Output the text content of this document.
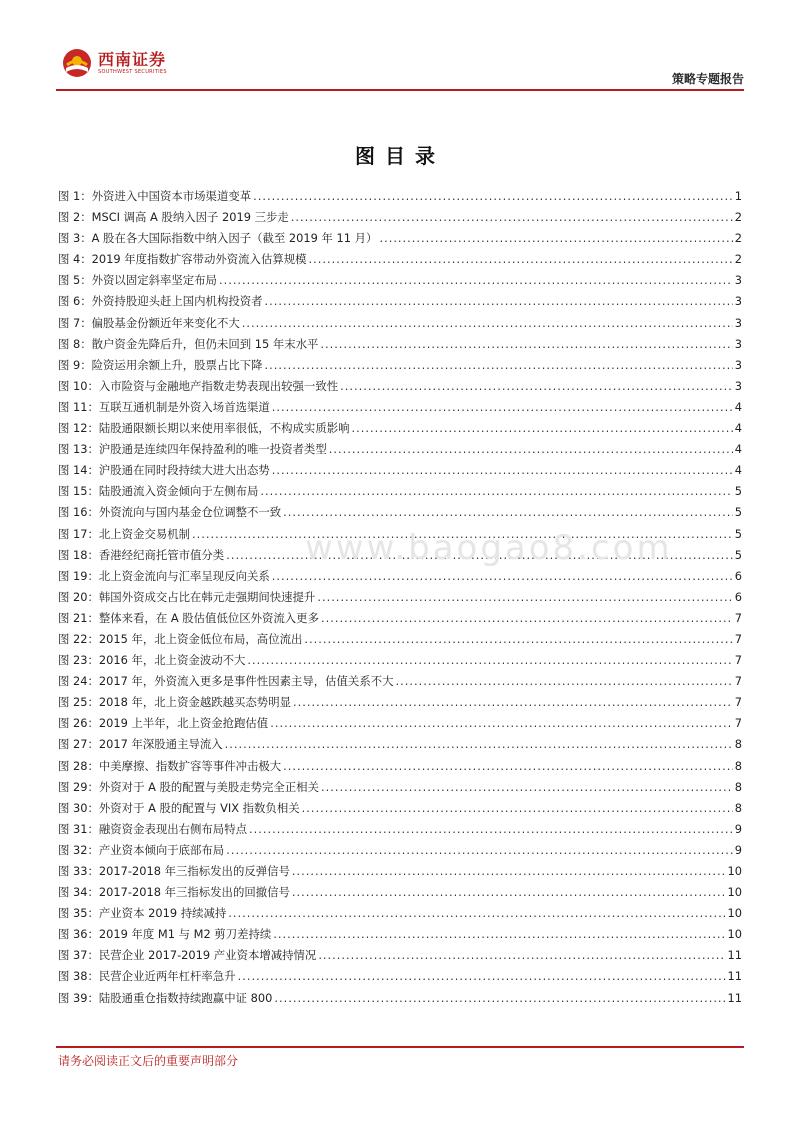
西南证券
SOUTHWEST SECURITIES
策略专题报告
图目录
图 1：外资进入中国资本市场渠道变革 .....	1
图 2：MSCI 调高 A 股纳入因子 2019 三步走 .....	2
图 3：A 股在各大国际指数中纳入因子（截至 2019 年 11 月） .....	2
图 4：2019 年度指数扩容带动外资流入估算规模 .....	2
图 5：外资以固定斜率坚定布局 .....	3
图 6：外资持股迎头赶上国内机构投资者 .....	3
图 7：偏股基金份额近年来变化不大 .....	3
图 8：散户资金先降后升，但仍未回到 15 年末水平 .....	3
图 9：险资运用余额上升，股票占比下降 .....	3
图 10：入市险资与金融地产指数走势表现出较强一致性 .....	3
图 11：互联互通机制是外资入场首选渠道 .....	4
图 12：陆股通限额长期以来使用率很低，不构成实质影响 .....	4
图 13：沪股通是连续四年保持盈利的唯一投资者类型 .....	4
图 14：沪股通在同时段持续大进大出态势 .....	4
图 15：陆股通流入资金倾向于左侧布局 .....	5
图 16：外资流向与国内基金仓位调整不一致 .....	5
图 17：北上资金交易机制 .....	5
图 18：香港经纪商托管市值分类 .....	5
图 19：北上资金流向与汇率呈现反向关系 .....	6
图 20：韩国外资成交占比在韩元走强期间快速提升 .....	6
图 21：整体来看，在 A 股估值低位区外资流入更多 .....	7
图 22：2015 年，北上资金低位布局，高位流出 .....	7
图 23：2016 年，北上资金波动不大 .....	7
图 24：2017 年，外资流入更多是事件性因素主导，估值关系不大 .....	7
图 25：2018 年，北上资金越跌越买态势明显 .....	7
图 26：2019 上半年，北上资金抢跑估值 .....	7
图 27：2017 年深股通主导流入 .....	8
图 28：中美摩擦、指数扩容等事件冲击极大 .....	8
图 29：外资对于 A 股的配置与美股走势完全正相关 .....	8
图 30：外资对于 A 股的配置与 VIX 指数负相关 .....	8
图 31：融资资金表现出右侧布局特点 .....	9
图 32：产业资本倾向于底部布局 .....	9
图 33：2017-2018 年三指标发出的反弹信号 .....	10
图 34：2017-2018 年三指标发出的回撤信号 .....	10
图 35：产业资本 2019 持续减持 .....	10
图 36：2019 年度 M1 与 M2 剪刀差持续 .....	10
图 37：民营企业 2017-2019 产业资本增减持情况 .....	11
图 38：民营企业近两年杠杆率急升 .....	11
图 39：陆股通重仓指数持续跑赢中证 800 .....	11
www.baogao8.com
请务必阅读正文后的重要声明部分
